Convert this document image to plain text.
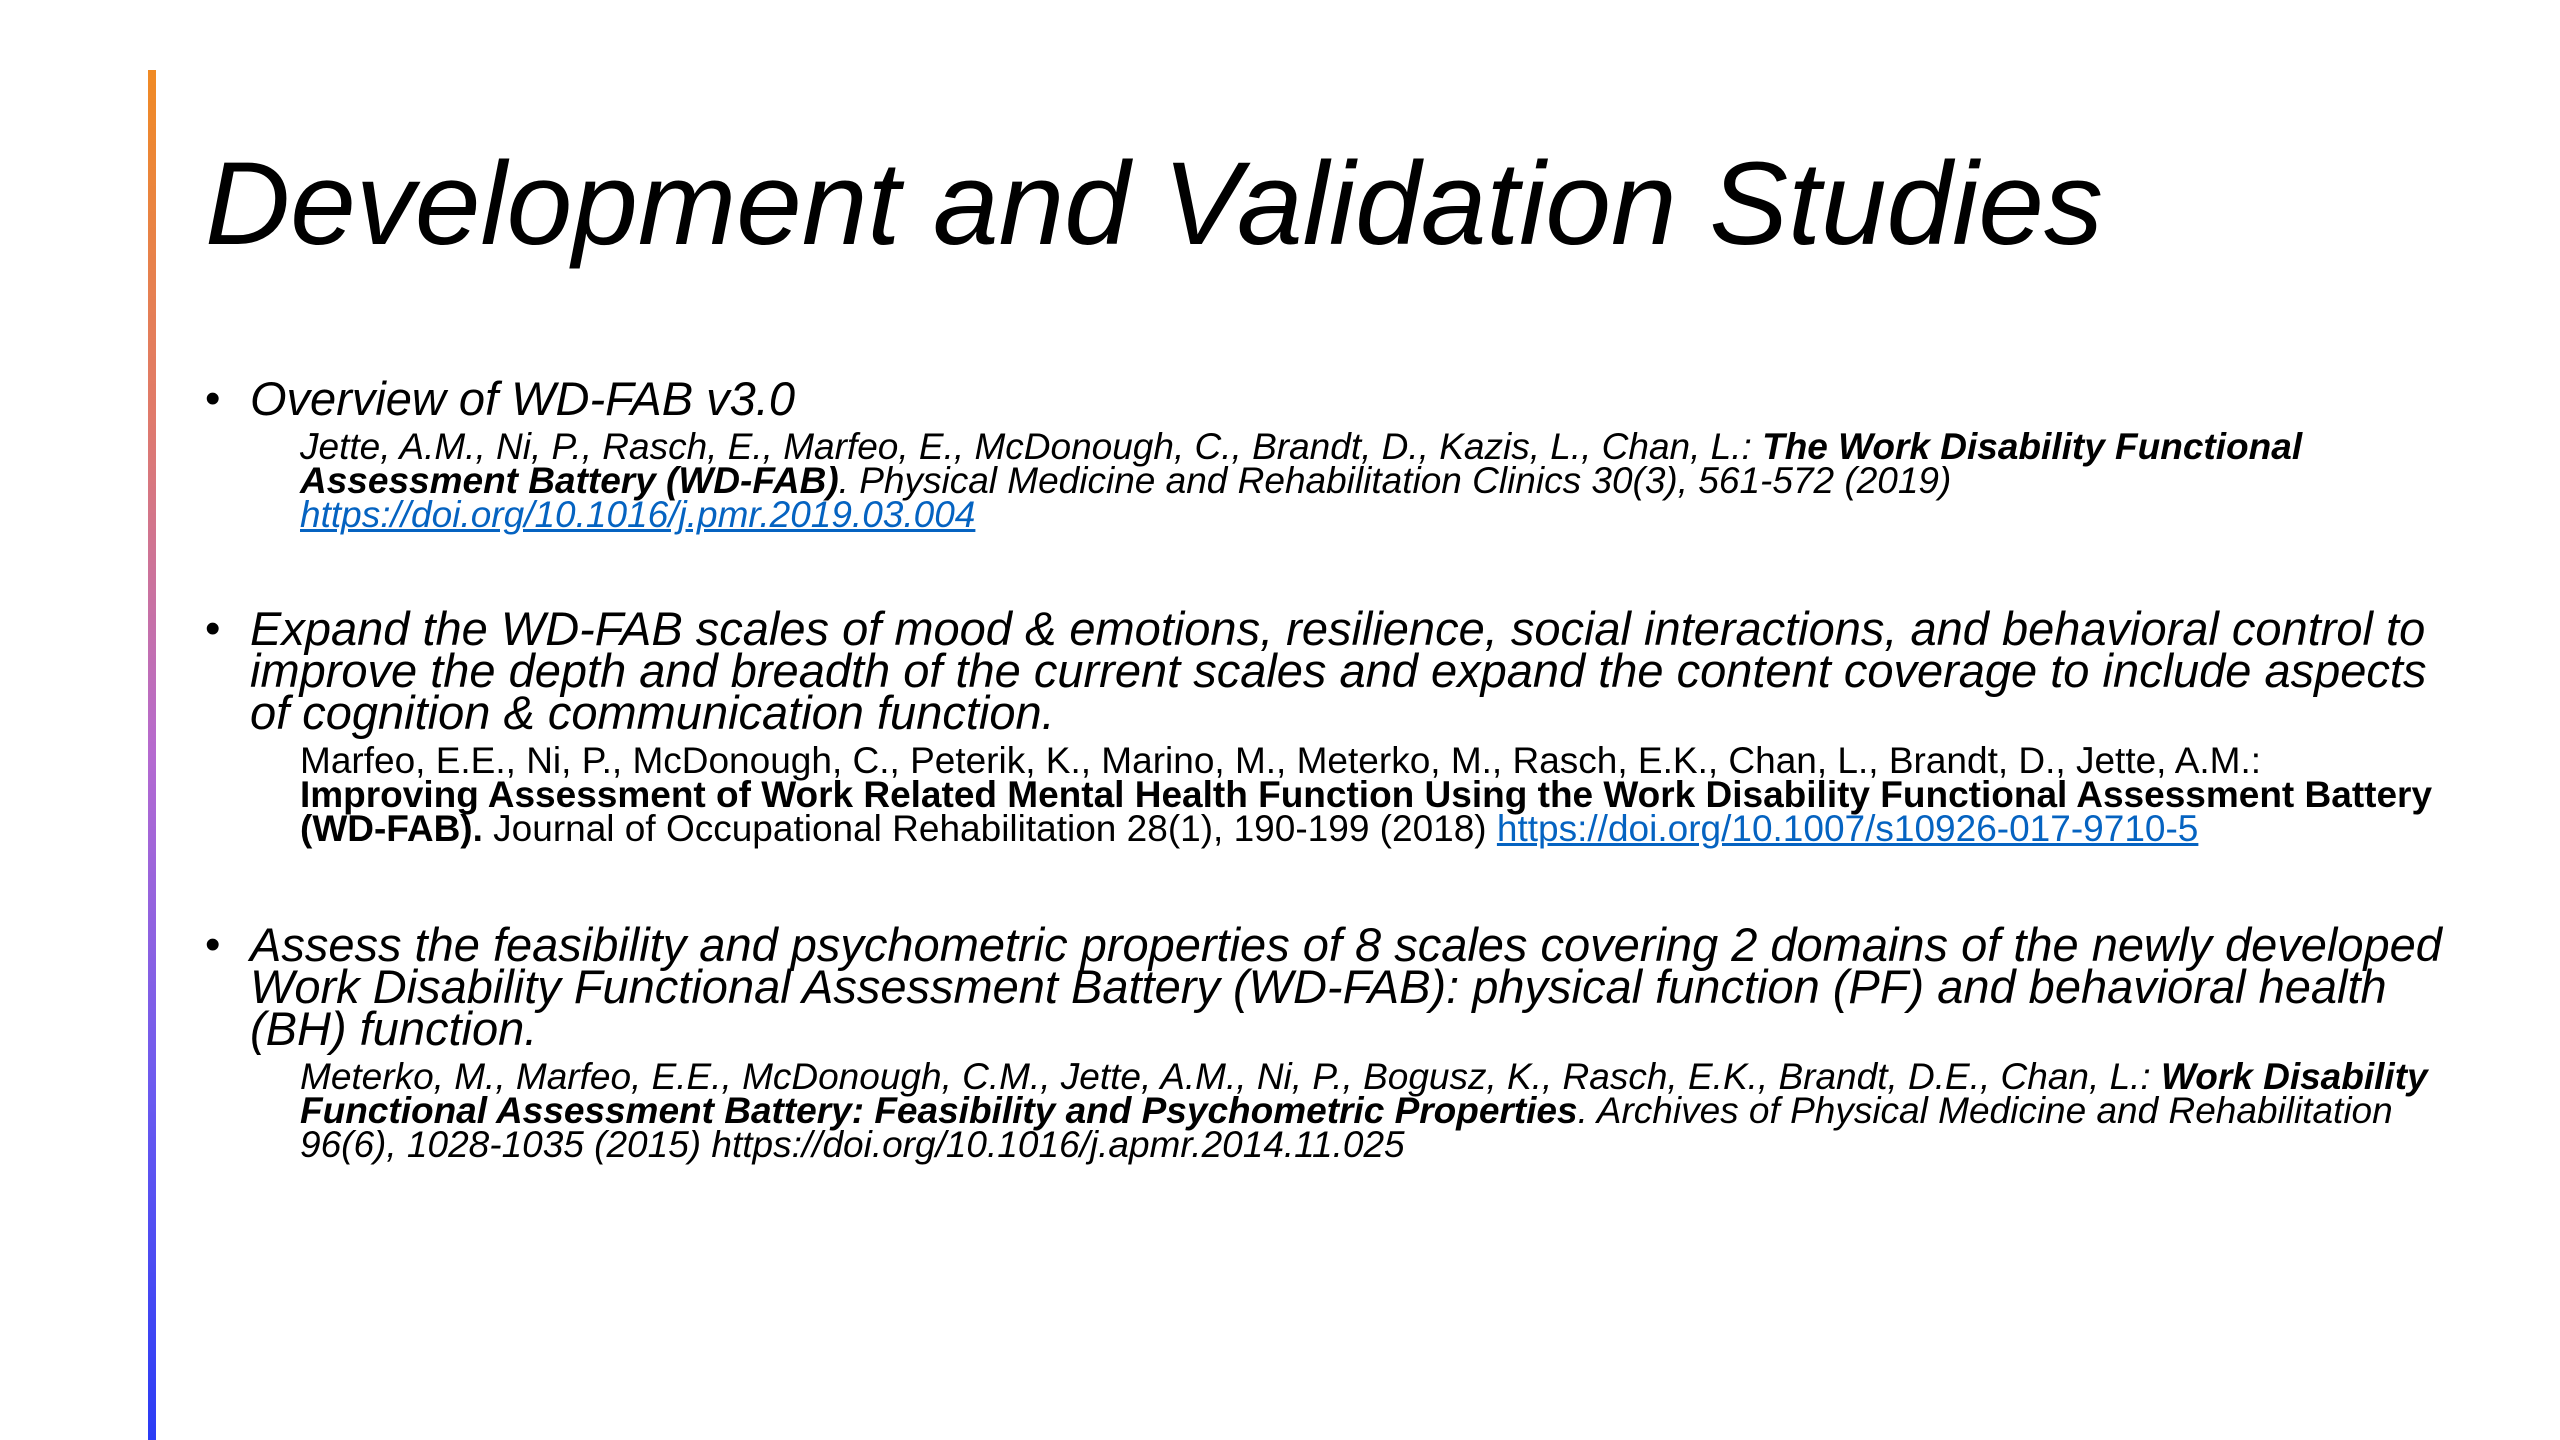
Development and Validation Studies
• Overview of WD-FAB v3.0

Jette, A.M., Ni, P., Rasch, E., Marfeo, E., McDonough, C., Brandt, D., Kazis, L., Chan, L.: The Work Disability Functional Assessment Battery (WD-FAB). Physical Medicine and Rehabilitation Clinics 30(3), 561-572 (2019) https://doi.org/10.1016/j.pmr.2019.03.004

• Expand the WD-FAB scales of mood & emotions, resilience, social interactions, and behavioral control to improve the depth and breadth of the current scales and expand the content coverage to include aspects of cognition & communication function.

Marfeo, E.E., Ni, P., McDonough, C., Peterik, K., Marino, M., Meterko, M., Rasch, E.K., Chan, L., Brandt, D., Jette, A.M.: Improving Assessment of Work Related Mental Health Function Using the Work Disability Functional Assessment Battery (WD-FAB). Journal of Occupational Rehabilitation 28(1), 190-199 (2018) https://doi.org/10.1007/s10926-017-9710-5

• Assess the feasibility and psychometric properties of 8 scales covering 2 domains of the newly developed Work Disability Functional Assessment Battery (WD-FAB): physical function (PF) and behavioral health (BH) function.

Meterko, M., Marfeo, E.E., McDonough, C.M., Jette, A.M., Ni, P., Bogusz, K., Rasch, E.K., Brandt, D.E., Chan, L.: Work Disability Functional Assessment Battery: Feasibility and Psychometric Properties. Archives of Physical Medicine and Rehabilitation 96(6), 1028-1035 (2015) https://doi.org/10.1016/j.apmr.2014.11.025
